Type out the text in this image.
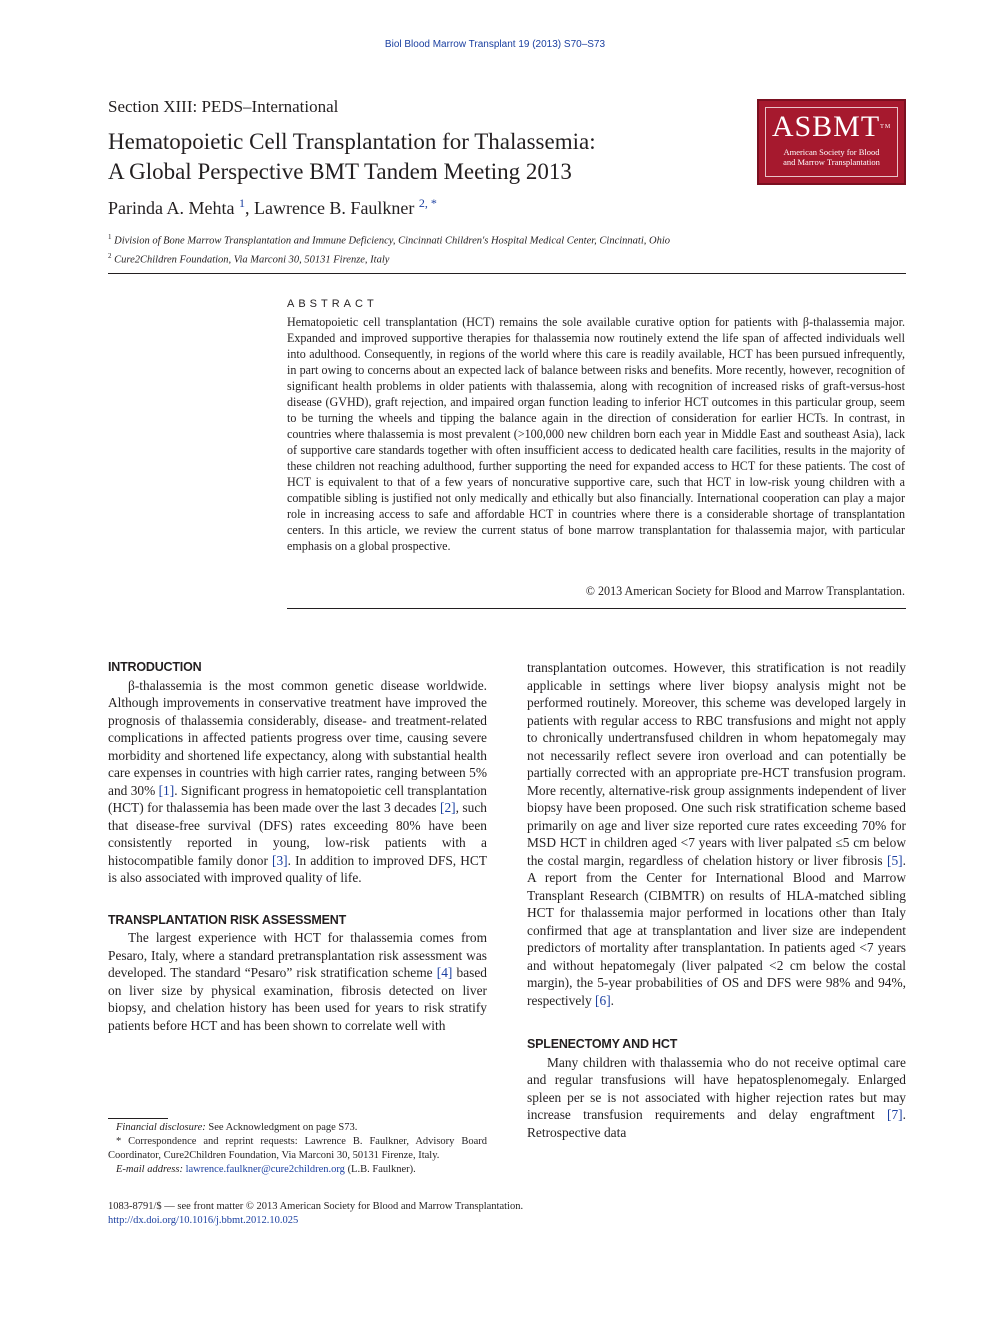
Biol Blood Marrow Transplant 19 (2013) S70–S73
Section XIII: PEDS–International
Hematopoietic Cell Transplantation for Thalassemia:
A Global Perspective BMT Tandem Meeting 2013
ASBMT™
American Society for Blood
and Marrow Transplantation
Parinda A. Mehta $^1$, Lawrence B. Faulkner $^{2, *}$
$^1$ Division of Bone Marrow Transplantation and Immune Deficiency, Cincinnati Children's Hospital Medical Center, Cincinnati, Ohio
$^2$ Cure2Children Foundation, Via Marconi 30, 50131 Firenze, Italy
ABSTRACT
Hematopoietic cell transplantation (HCT) remains the sole available curative option for patients with β-thalassemia major. Expanded and improved supportive therapies for thalassemia now routinely extend the life span of affected individuals well into adulthood. Consequently, in regions of the world where this care is readily available, HCT has been pursued infrequently, in part owing to concerns about an expected lack of balance between risks and benefits. More recently, however, recognition of significant health problems in older patients with thalassemia, along with recognition of increased risks of graft-versus-host disease (GVHD), graft rejection, and impaired organ function leading to inferior HCT outcomes in this particular group, seem to be turning the wheels and tipping the balance again in the direction of consideration for earlier HCTs. In contrast, in countries where thalassemia is most prevalent (>100,000 new children born each year in Middle East and southeast Asia), lack of supportive care standards together with often insufficient access to dedicated health care facilities, results in the majority of these children not reaching adulthood, further supporting the need for expanded access to HCT for these patients. The cost of HCT is equivalent to that of a few years of noncurative supportive care, such that HCT in low-risk young children with a compatible sibling is justified not only medically and ethically but also financially. International cooperation can play a major role in increasing access to safe and affordable HCT in countries where there is a considerable shortage of transplantation centers. In this article, we review the current status of bone marrow transplantation for thalassemia major, with particular emphasis on a global prospective.
© 2013 American Society for Blood and Marrow Transplantation.
INTRODUCTION

β-thalassemia is the most common genetic disease worldwide. Although improvements in conservative treatment have improved the prognosis of thalassemia considerably, disease- and treatment-related complications in affected patients progress over time, causing severe morbidity and shortened life expectancy, along with substantial health care expenses in countries with high carrier rates, ranging between 5% and 30% [1]. Significant progress in hematopoietic cell transplantation (HCT) for thalassemia has been made over the last 3 decades [2], such that disease-free survival (DFS) rates exceeding 80% have been consistently reported in young, low-risk patients with a histocompatible family donor [3]. In addition to improved DFS, HCT is also associated with improved quality of life.

TRANSPLANTATION RISK ASSESSMENT

The largest experience with HCT for thalassemia comes from Pesaro, Italy, where a standard pretransplantation risk assessment was developed. The standard “Pesaro” risk stratification scheme [4] based on liver size by physical examination, fibrosis detected on liver biopsy, and chelation history has been used for years to risk stratify patients before HCT and has been shown to correlate well with

transplantation outcomes. However, this stratification is not readily applicable in settings where liver biopsy analysis might not be performed routinely. Moreover, this scheme was developed largely in patients with regular access to RBC transfusions and might not apply to chronically undertransfused children in whom hepatomegaly may not necessarily reflect severe iron overload and can potentially be partially corrected with an appropriate pre-HCT transfusion program. More recently, alternative-risk group assignments independent of liver biopsy have been proposed. One such risk stratification scheme based primarily on age and liver size reported cure rates exceeding 70% for MSD HCT in children aged <7 years with liver palpated ≤5 cm below the costal margin, regardless of chelation history or liver fibrosis [5]. A report from the Center for International Blood and Marrow Transplant Research (CIBMTR) on results of HLA-matched sibling HCT for thalassemia major performed in locations other than Italy confirmed that age at transplantation and liver size are independent predictors of mortality after transplantation. In patients aged <7 years and without hepatomegaly (liver palpated <2 cm below the costal margin), the 5-year probabilities of OS and DFS were 98% and 94%, respectively [6].

SPLENECTOMY AND HCT

Many children with thalassemia who do not receive optimal care and regular transfusions will have hepatosplenomegaly. Enlarged spleen per se is not associated with higher rejection rates but may increase transfusion requirements and delay engraftment [7]. Retrospective data

Financial disclosure: See Acknowledgment on page S73.

* Correspondence and reprint requests: Lawrence B. Faulkner, Advisory Board Coordinator, Cure2Children Foundation, Via Marconi 30, 50131 Firenze, Italy.

E-mail address: lawrence.faulkner@cure2children.org (L.B. Faulkner).

1083-8791/$ — see front matter © 2013 American Society for Blood and Marrow Transplantation.
http://dx.doi.org/10.1016/j.bbmt.2012.10.025
